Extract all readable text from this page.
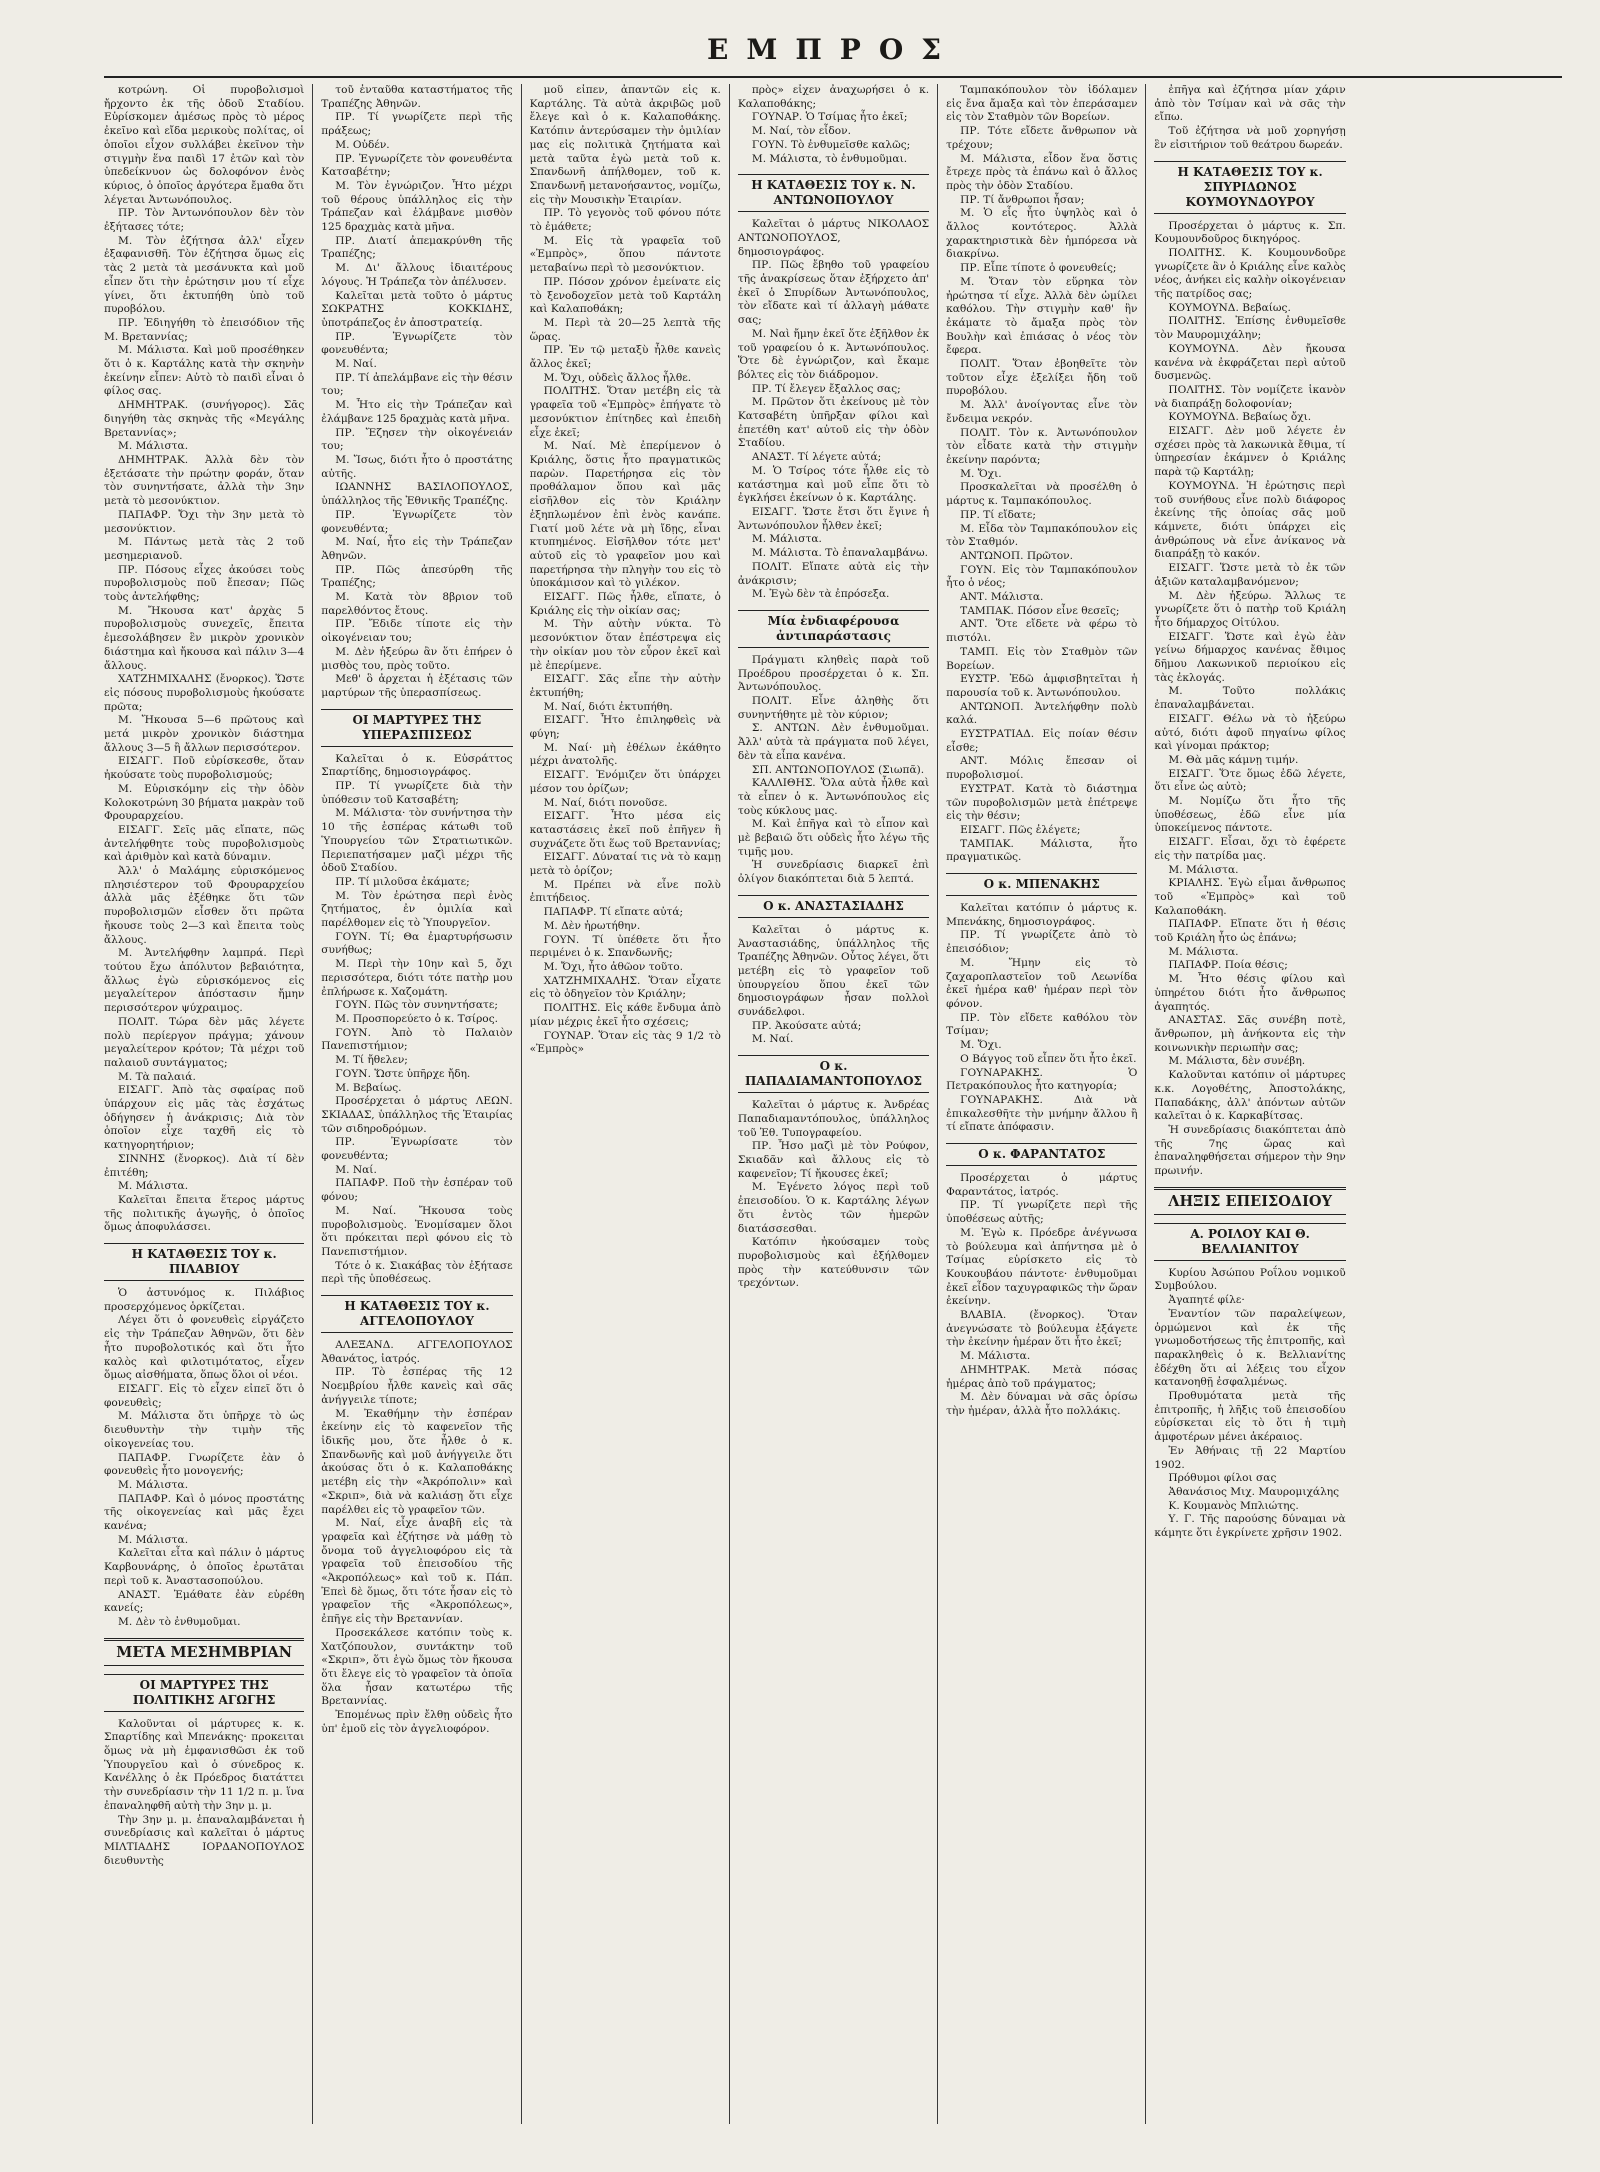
ΕΜΠΡΟΣ

κοτρώνη. Οἱ πυροβολισμοὶ ἤρχοντο ἐκ τῆς ὁδοῦ Σταδίου. Εὑρίσκομεν ἀμέσως πρὸς τὸ μέρος ἐκεῖνο καὶ εἴδα μερικοὺς πολίτας, οἱ ὁποῖοι εἶχον συλλάβει ἐκεῖνον τὴν στιγμὴν ἕνα παιδὶ 17 ἐτῶν καὶ τὸν ὑπεδείκνυον ὡς δολοφόνον ἐνὸς κύριος, ὁ ὁποῖος ἀργότερα ἔμαθα ὅτι λέγεται Ἀντωνόπουλος.

ΠΡ. Τὸν Ἀντωνόπουλον δὲν τὸν ἐξήτασες τότε;

Μ. Τὸν ἐζήτησα ἀλλ' εἶχεν ἐξαφανισθῆ. Τὸν ἐζήτησα ὅμως εἰς τὰς 2 μετὰ τὰ μεσάνυκτα καὶ μοῦ εἶπεν ὅτι τὴν ἐρώτησιν μου τί εἶχε γίνει, ὅτι ἐκτυπήθη ὑπὸ τοῦ πυροβόλου.

ΠΡ. Ἐδιηγήθη τὸ ἐπεισόδιον τῆς Μ. Βρεταννίας;

Μ. Μάλιστα. Καὶ μοῦ προσέθηκεν ὅτι ὁ κ. Καρτάλης κατὰ τὴν σκηνὴν ἐκείνην εἶπεν: Αὐτὸ τὸ παιδὶ εἶναι ὀ φίλος σας.

ΔΗΜΗΤΡΑΚ. (συνήγορος). Σᾶς διηγήθη τὰς σκηνὰς τῆς «Μεγάλης Βρεταννίας»;

Μ. Μάλιστα.

ΔΗΜΗΤΡΑΚ. Ἀλλὰ δὲν τὸν ἐξετάσατε τὴν πρώτην φοράν, ὅταν τὸν συνηντήσατε, ἀλλὰ τὴν 3ην μετὰ τὸ μεσονύκτιον.

ΠΑΠΑΦΡ. Ὄχι τὴν 3ην μετὰ τὸ μεσονύκτιον.

Μ. Πάντως μετὰ τὰς 2 τοῦ μεσημεριανοῦ.

ΠΡ. Πόσους εἶχες ἀκούσει τοὺς πυροβολισμοὺς ποῦ ἔπεσαν; Πῶς τοὺς ἀντελήφθης;

Μ. Ἤκουσα κατ' ἀρχὰς 5 πυροβολισμοὺς συνεχεῖς, ἔπειτα ἐμεσολάβησεν ἓν μικρὸν χρονικὸν διάστημα καὶ ἤκουσα καὶ πάλιν 3—4 ἄλλους.

ΧΑΤΖΗΜΙΧΑΛΗΣ (ἔνορκος). Ὥστε εἰς πόσους πυροβολισμοὺς ἠκούσατε πρῶτα;

Μ. Ἤκουσα 5—6 πρῶτους καὶ μετά μικρὸν χρονικὸν διάστημα ἄλλους 3—5 ἢ ἄλλων περισσότερον.

ΕΙΣΑΓΓ. Ποῦ εὑρίσκεσθε, ὅταν ἠκούσατε τοὺς πυροβολισμούς;

Μ. Εὑρισκόμην εἰς τὴν ὁδὸν Κολοκοτρώνη 30 βήματα μακρὰν τοῦ Φρουραρχείου.

ΕΙΣΑΓΓ. Σεῖς μᾶς εἴπατε, πῶς ἀντελήφθητε τοὺς πυροβολισμοὺς καὶ ἀριθμὸν καὶ κατὰ δύναμιν.

Ἀλλ' ὁ Μαλάμης εὑρισκόμενος πλησιέστερον τοῦ Φρουραρχείου ἀλλὰ μᾶς ἐξέθηκε ὅτι τῶν πυροβολισμῶν εἶσθεν ὅτι πρῶτα ἤκουσε τοὺς 2—3 καὶ ἔπειτα τοὺς ἄλλους.

Μ. Ἀντελήφθην λαμπρά. Περὶ τούτου ἔχω ἀπόλυτον βεβαιότητα, ἄλλως ἐγὼ εὑρισκόμενος εἰς μεγαλείτερον ἀπόστασιν ἤμην περισσότερον ψύχραιμος.

ΠΟΛΙΤ. Τώρα δὲν μᾶς λέγετε πολὺ περίεργον πράγμα; χάνουν μεγαλείτερον κρότον; Τὰ μέχρι τοῦ παλαιοῦ συντάγματος;

Μ. Τὰ παλαιά.

ΕΙΣΑΓΓ. Ἀπὸ τὰς σφαίρας ποῦ ὑπάρχουν εἰς μᾶς τὰς ἐσχάτως ὁδήγησεν ἡ ἀνάκρισις; Διὰ τὸν ὁποῖον εἶχε ταχθῆ εἰς τὸ κατηγορητήριον;

ΣΙΝΝΗΣ (ἔνορκος). Διὰ τί δὲν ἐπιτέθη;

Μ. Μάλιστα.

Καλεῖται ἔπειτα ἕτερος μάρτυς τῆς πολιτικῆς ἀγωγῆς, ὁ ὁποῖος ὅμως ἀποφυλάσσει.

Η ΚΑΤΑΘΕΣΙΣ ΤΟΥ κ. ΠΙΛΑΒΙΟΥ

Ὁ ἀστυνόμος κ. Πιλάβιος προσερχόμενος ὁρκίζεται.

Λέγει ὅτι ὁ φονευθεὶς εἰργάζετο εἰς τὴν Τράπεζαν Ἀθηνῶν, ὅτι δὲν ἦτο πυροβολοτικός καὶ ὅτι ἦτο καλὸς καὶ φιλοτιμότατος, εἶχεν ὅμως αἰσθήματα, ὅπως ὅλοι οἱ νέοι.

ΕΙΣΑΓΓ. Εἰς τὸ εἶχεν εἰπεῖ ὅτι ὁ φονευθεὶς;

Μ. Μάλιστα ὅτι ὑπῆρχε τὸ ὡς διευθυντὴν τὴν τιμὴν τῆς οἰκογενείας του.

ΠΑΠΑΦΡ. Γνωρίζετε ἐὰν ὁ φονευθεὶς ἦτο μονογενής;

Μ. Μάλιστα.

ΠΑΠΑΦΡ. Καὶ ὁ μόνος προστάτης τῆς οἰκογενείας καὶ μᾶς ἔχει κανένα;

Μ. Μάλιστα.

Καλεῖται εἶτα καὶ πάλιν ὁ μάρτυς Καρβουνάρης, ὁ ὁποῖος ἐρωτᾶται περὶ τοῦ κ. Ἀναστασοπούλου.

ΑΝΑΣΤ. Ἐμάθατε ἐὰν εὑρέθη κανείς;

Μ. Δὲν τὸ ἐνθυμοῦμαι.

ΜΕΤΑ ΜΕΣΗΜΒΡΙΑΝ
ΟΙ ΜΑΡΤΥΡΕΣ ΤΗΣ ΠΟΛΙΤΙΚΗΣ ΑΓΩΓΗΣ

Καλοῦνται οἱ μάρτυρες κ. κ. Σπαρτίδης καὶ Μπενάκης· προκειται ὅμως νὰ μὴ ἐμφανισθῶσι ἐκ τοῦ Ὑπουργεῖου καὶ ὁ σύνεδρος κ. Κανέλλης ὁ ἐκ Πρόεδρος διατάττει τὴν συνεδρίασιν τὴν 11 1/2 π. μ. ἵνα ἐπαναληφθῆ αὐτὴ τὴν 3ην μ. μ.

Τὴν 3ην μ. μ. ἐπαναλαμβάνεται ἡ συνεδρίασις καὶ καλεῖται ὁ μάρτυς ΜΙΛΤΙΑΔΗΣ ΙΟΡΔΑΝΟΠΟΥΛΟΣ διευθυντὴς

τοῦ ἐνταῦθα καταστήματος τῆς Τραπέζης Ἀθηνῶν.

ΠΡ. Τί γνωρίζετε περὶ τῆς πράξεως;

Μ. Οὐδέν.

ΠΡ. Ἐγνωρίζετε τὸν φονευθέντα Κατσαβέτην;

Μ. Τὸν ἐγνώριζον. Ἦτο μέχρι τοῦ θέρους ὑπάλληλος εἰς τὴν Τράπεζαν καὶ ἐλάμβανε μισθὸν 125 δραχμὰς κατὰ μῆνα.

ΠΡ. Διατί ἀπεμακρύνθη τῆς Τραπέζης;

Μ. Δι' ἄλλους ἰδιαιτέρους λόγους. Ἡ Τράπεζα τὸν ἀπέλυσεν.

Καλεῖται μετὰ τοῦτο ὁ μάρτυς ΣΩΚΡΑΤΗΣ ΚΟΚΚΙΔΗΣ, ὑποτράπεζος ἐν ἀποστρατείᾳ.

ΠΡ. Ἐγνωρίζετε τὸν φονευθέντα;

Μ. Ναί.

ΠΡ. Τί ἀπελάμβανε εἰς τὴν θέσιν του;

Μ. Ἦτο εἰς τὴν Τράπεζαν καὶ ἐλάμβανε 125 δραχμὰς κατὰ μῆνα.

ΠΡ. Ἔζησεν τὴν οἰκογένειάν του;

Μ. Ἴσως, διότι ἦτο ὁ προστάτης αὐτῆς.

ΙΩΑΝΝΗΣ ΒΑΣΙΛΟΠΟΥΛΟΣ, ὑπάλληλος τῆς Ἐθνικῆς Τραπέζης.

ΠΡ. Ἐγνωρίζετε τὸν φονευθέντα;

Μ. Ναί, ἦτο εἰς τὴν Τράπεζαν Ἀθηνῶν.

ΠΡ. Πῶς ἀπεσύρθη τῆς Τραπέζης;

Μ. Κατὰ τὸν 8βριον τοῦ παρελθόντος ἔτους.

ΠΡ. Ἔδιδε τίποτε εἰς τὴν οἰκογένειαν του;

Μ. Δὲν ἠξεύρω ἂν ὅτι ἐπήρεν ὁ μισθὸς του, πρὸς τοῦτο.

Μεθ' ὃ ἀρχεται ἡ ἐξέτασις τῶν μαρτύρων τῆς ὑπερασπίσεως.

ΟΙ ΜΑΡΤΥΡΕΣ ΤΗΣ ΥΠΕΡΑΣΠΙΣΕΩΣ

Καλεῖται ὁ κ. Εὐσράττος Σπαρτίδης, δημοσιογράφος.

ΠΡ. Τί γνωρίζετε διὰ τὴν ὑπόθεσιν τοῦ Κατσαβέτη;

Μ. Μάλιστα· τὸν συνήντησα τὴν 10 τῆς ἑσπέρας κάτωθι τοῦ Ὑπουργείου τῶν Στρατιωτικῶν. Περιεπατήσαμεν μαζὶ μέχρι τῆς ὁδοῦ Σταδίου.

ΠΡ. Τί μιλοῦσα ἐκάματε;

Μ. Τὸν ἐρώτησα περὶ ἐνὸς ζητήματος, ἐν ὁμιλία καὶ παρέλθομεν εἰς τὸ Ὑπουργεῖον.

ΓΟΥΝ. Τί; Θα ἐμαρτυρήσωσιν συνήθως;

Μ. Περὶ τὴν 10ην καὶ 5, ὄχι περισσότερα, διότι τότε πατὴρ μου ἐπλήρωσε κ. Χαζομάτη.

ΓΟΥΝ. Πῶς τὸν συνηντήσατε;

Μ. Προσπορεύετο ὁ κ. Τσίρος.

ΓΟΥΝ. Ἀπὸ τὸ Παλαιὸν Πανεπιστήμιον;

Μ. Τί ἤθελεν;

ΓΟΥΝ. Ὥστε ὑπῆρχε ἤδη.

Μ. Βεβαίως.

Προσέρχεται ὁ μάρτυς ΛΕΩΝ. ΣΚΙΑΔΑΣ, ὑπάλληλος τῆς Ἑταιρίας τῶν σιδηροδρόμων.

ΠΡ. Ἐγνωρίσατε τὸν φονευθέντα;

Μ. Ναί.

ΠΑΠΑΦΡ. Ποῦ τὴν ἑσπέραν τοῦ φόνου;

Μ. Ναί. Ἤκουσα τοὺς πυροβολισμοὺς. Ἐνομίσαμεν ὅλοι ὅτι πρόκειται περὶ φόνου εἰς τὸ Πανεπιστήμιον.

Τότε ὁ κ. Σιακάβας τὸν ἐξήτασε περὶ τῆς ὑποθέσεως.

Η ΚΑΤΑΘΕΣΙΣ ΤΟΥ κ. ΑΓΓΕΛΟΠΟΥΛΟΥ

ΑΛΕΞΑΝΔ. ΑΓΓΕΛΟΠΟΥΛΟΣ Ἀθανάτος, ἰατρός.

ΠΡ. Τὸ ἑσπέρας τῆς 12 Νοεμβρίου ἦλθε κανεὶς καὶ σᾶς ἀνήγγειλε τίποτε;

Μ. Ἐκαθήμην τὴν ἑσπέραν ἐκείνην εἰς τὸ καφενεῖον τῆς ἰδικῆς μου, ὅτε ἦλθε ὁ κ. Σπανδωνῆς καὶ μοῦ ἀνήγγειλε ὅτι ἀκούσας ὅτι ὁ κ. Καλαποθάκης μετέβη εἰς τὴν «Ἀκρόπολιν» καὶ «Σκριπ», διὰ νὰ καλιάσῃ ὅτι εἶχε παρέλθει εἰς τὸ γραφεῖον τῶν.

Μ. Ναί, εἶχε ἀναβῆ εἰς τὰ γραφεῖα καὶ ἐζήτησε νὰ μάθῃ τὸ ὄνομα τοῦ ἀγγελιοφόρου εἰς τὰ γραφεῖα τοῦ ἐπεισοδίου τῆς «Ἀκροπόλεως» καὶ τοῦ κ. Πάπ. Ἐπεὶ δὲ ὅμως, ὅτι τότε ἦσαν εἰς τὸ γραφεῖον τῆς «Ἀκροπόλεως», ἐπῆγε εἰς τὴν Βρεταννίαν.

Προσεκάλεσε κατόπιν τοὺς κ. Χατζόπουλον, συντάκτην τοῦ «Σκριπ», ὅτι ἐγὼ ὅμως τὸν ἤκουσα ὅτι ἔλεγε εἰς τὸ γραφεῖον τὰ ὁποῖα ὅλα ἦσαν κατωτέρω τῆς Βρεταννίας.

Ἐπομένως πρὶν ἔλθῃ οὐδεὶς ἦτο ὑπ' ἐμοῦ εἰς τὸν ἀγγελιοφόρον.

μοῦ εἶπεν, ἀπαντῶν εἰς κ. Καρτάλης. Τὰ αὐτὰ ἀκριβῶς μοῦ ἔλεγε καὶ ὁ κ. Καλαποθάκης. Κατόπιν ἀντερύσαμεν τὴν ὁμιλίαν μας εἰς πολιτικὰ ζητήματα καὶ μετὰ ταῦτα ἐγὼ μετὰ τοῦ κ. Σπανδωνῆ ἀπήλθομεν, τοῦ κ. Σπανδωνῆ μετανοήσαντος, νομίζω, εἰς τὴν Μουσικὴν Ἑταιρίαν.

ΠΡ. Τὸ γεγονὸς τοῦ φόνου πότε τὸ ἐμάθετε;

Μ. Εἰς τὰ γραφεῖα τοῦ «Ἐμπρὸς», ὅπου πάντοτε μεταβαίνω περὶ τὸ μεσονύκτιον.

ΠΡ. Πόσον χρόνον ἐμείνατε εἰς τὸ ξενοδοχεῖον μετὰ τοῦ Καρτάλη καὶ Καλαποθάκη;

Μ. Περὶ τὰ 20—25 λεπτὰ τῆς ὥρας.

ΠΡ. Ἐν τῷ μεταξὺ ἦλθε κανεὶς ἄλλος ἐκεῖ;

Μ. Ὄχι, οὐδεὶς ἄλλος ἦλθε.

ΠΟΛΙΤΗΣ. Ὅταν μετέβη εἰς τὰ γραφεῖα τοῦ «Ἐμπρὸς» ἐπήγατε τὸ μεσονύκτιον ἐπίτηδες καὶ ἐπειδὴ εἶχε ἐκεῖ;

Μ. Ναί. Μὲ ἐπερίμενον ὁ Κριάλης, ὅστις ἦτο πραγματικῶς παρὼν. Παρετήρησα εἰς τὸν προθάλαμον ὅπου καὶ μᾶς εἰσῆλθον εἰς τὸν Κριάλην ἐξηπλωμένον ἐπὶ ἐνὸς κανάπε. Γιατί μοῦ λέτε νὰ μὴ ἴδῃς, εἶναι κτυπημένος. Εἰσῆλθον τότε μετ' αὐτοῦ εἰς τὸ γραφεῖον μου καὶ παρετήρησα τὴν πληγὴν του εἰς τὸ ὑποκάμισον καὶ τὸ γιλέκον.

ΕΙΣΑΓΓ. Πῶς ἦλθε, εἴπατε, ὁ Κριάλης εἰς τὴν οἰκίαν σας;

Μ. Τὴν αὐτὴν νύκτα. Τὸ μεσονύκτιον ὅταν ἐπέστρεψα εἰς τὴν οἰκίαν μου τὸν εὗρον ἐκεῖ καὶ μὲ ἐπερίμενε.

ΕΙΣΑΓΓ. Σᾶς εἶπε τὴν αὐτὴν ἐκτυπήθη;

Μ. Ναί, διότι ἐκτυπήθη.

ΕΙΣΑΓΓ. Ἦτο ἐπιληφθεὶς νὰ φύγη;

Μ. Ναί· μὴ ἐθέλων ἐκάθητο μέχρι ἀνατολῆς.

ΕΙΣΑΓΓ. Ἐνόμιζεν ὅτι ὑπάρχει μέσον του ὁρίζων;

Μ. Ναί, διότι πονοῦσε.

ΕΙΣΑΓΓ. Ἦτο μέσα εἰς καταστάσεις ἐκεῖ ποῦ ἐπῆγεν ἢ συχνάζετε ὅτι ἕως τοῦ Βρεταννίας;

ΕΙΣΑΓΓ. Δύναταί τις νὰ τὸ καμῃ μετὰ τὸ ὁρίζον;

Μ. Πρέπει νὰ εἶνε πολὺ ἐπιτήδειος.

ΠΑΠΑΦΡ. Τί εἴπατε αὐτά;

Μ. Δὲν ἠρωτήθην.

ΓΟΥΝ. Τί ὑπέθετε ὅτι ἦτο περιμένει ὁ κ. Σπανδωνῆς;

Μ. Ὄχι, ἦτο ἀθῶον τοῦτο.

ΧΑΤΖΗΜΙΧΑΛΗΣ. Ὅταν εἶχατε εἰς τὸ ὁδηγεῖον τὸν Κριάλην;

ΠΟΛΙΤΗΣ. Εἰς κάθε ἔνδυμα ἀπὸ μίαν μέχρις ἐκεῖ ἦτο σχέσεις;

ΓΟΥΝΑΡ. Ὅταν εἰς τὰς 9 1/2 τὸ «Ἐμπρὸς»

πρὸς» εἶχεν ἀναχωρήσει ὁ κ. Καλαποθάκης;

ΓΟΥΝΑΡ. Ὁ Τσίμας ἦτο ἐκεῖ;

Μ. Ναί, τὸν εἶδον.

ΓΟΥΝ. Τὸ ἐνθυμεῖσθε καλῶς;

Μ. Μάλιστα, τὸ ἐνθυμοῦμαι.

Η ΚΑΤΑΘΕΣΙΣ ΤΟΥ κ. Ν. ΑΝΤΩΝΟΠΟΥΛΟΥ

Καλεῖται ὁ μάρτυς ΝΙΚΟΛΑΟΣ ΑΝΤΩΝΟΠΟΥΛΟΣ, δημοσιογράφος.

ΠΡ. Πῶς ἔβηθο τοῦ γραφείου τῆς ἀνακρίσεως ὅταν ἐξήρχετο ἀπ' ἐκεῖ ὁ Σπυρίδων Ἀντωνόπουλος, τὸν εἴδατε καὶ τί ἀλλαγὴ μάθατε σας;

Μ. Ναὶ ἤμην ἐκεῖ ὅτε ἐξῆλθον ἐκ τοῦ γραφείου ὁ κ. Ἀντωνόπουλος. Ὅτε δὲ ἐγνώριζον, καὶ ἔκαμε βόλτες εἰς τὸν διάδρομον.

ΠΡ. Τί ἔλεγεν ἔξαλλος σας;

Μ. Πρῶτον ὅτι ἐκείνους μὲ τὸν Κατσαβέτη ὑπῆρξαν φίλοι καὶ ἐπετέθη κατ' αὐτοῦ εἰς τὴν ὁδὸν Σταδίου.

ΑΝΑΣΤ. Τί λέγετε αὐτά;

Μ. Ὁ Τσίρος τότε ἦλθε εἰς τὸ κατάστημα καὶ μοῦ εἶπε ὅτι τὸ ἐγκλήσει ἐκείνων ὁ κ. Καρτάλης.

ΕΙΣΑΓΓ. Ὥστε ἔτσι ὅτι ἔγινε ἡ Ἀντωνόπουλον ἦλθεν ἐκεῖ;

Μ. Μάλιστα.

Μ. Μάλιστα. Τὸ ἐπαναλαμβάνω.

ΠΟΛΙΤ. Εἴπατε αὐτὰ εἰς τὴν ἀνάκρισιν;

Μ. Ἐγὼ δὲν τὰ ἐπρόσεξα.

Μία ἐνδιαφέρουσα ἀντιπαράστασις

Πράγματι κληθεὶς παρὰ τοῦ Προέδρου προσέρχεται ὁ κ. Σπ. Ἀντωνόπουλος.

ΠΟΛΙΤ. Εἶνε ἀληθὴς ὅτι συνηντήθητε μὲ τὸν κύριον;

Σ. ΑΝΤΩΝ. Δὲν ἐνθυμοῦμαι. Ἀλλ' αὐτὰ τὰ πράγματα ποῦ λέγει, δὲν τὰ εἶπα κανένα.

ΣΠ. ΑΝΤΩΝΟΠΟΥΛΟΣ (Σιωπᾶ).

ΚΑΛΛΙΘΗΣ. Ὅλα αὐτὰ ἦλθε καὶ τὰ εἶπεν ὁ κ. Ἀντωνόπουλος εἰς τοὺς κύκλους μας.

Μ. Καὶ ἐπῆγα καὶ τὸ εἶπον καὶ μὲ βεβαιῶ ὅτι οὐδεὶς ἦτο λέγω τῆς τιμῆς μου.

Ἡ συνεδρίασις διαρκεῖ ἐπὶ ὀλίγον διακόπτεται διὰ 5 λεπτά.

Ο κ. ΑΝΑΣΤΑΣΙΑΔΗΣ

Καλεῖται ὁ μάρτυς κ. Ἀναστασιάδης, ὑπάλληλος τῆς Τραπέζης Ἀθηνῶν. Οὗτος λέγει, ὅτι μετέβη εἰς τὸ γραφεῖον τοῦ ὑπουργείου ὅπου ἐκεῖ τῶν δημοσιογράφων ἦσαν πολλοὶ συνάδελφοι.

ΠΡ. Ἀκούσατε αὐτά;

Μ. Ναί.

Ο κ. ΠΑΠΑΔΙΑΜΑΝΤΟΠΟΥΛΟΣ

Καλεῖται ὁ μάρτυς κ. Ἀνδρέας Παπαδιαμαντόπουλος, ὑπάλληλος τοῦ Ἐθ. Τυπογραφείου.

ΠΡ. Ἦσο μαζὶ μὲ τὸν Ρούφον, Σκιαδᾶν καὶ ἄλλους εἰς τὸ καφενεῖον; Τί ἤκουσες ἐκεῖ;

Μ. Ἐγένετο λόγος περὶ τοῦ ἐπεισοδίου. Ὁ κ. Καρτάλης λέγων ὅτι ἐντὸς τῶν ἡμερῶν διατάσσεσθαι.

Κατόπιν ἠκούσαμεν τοὺς πυροβολισμοὺς καὶ ἐξήλθομεν πρὸς τὴν κατεύθυνσιν τῶν τρεχόντων.

Ταμπακόπουλον τὸν ἰδόλαμεν εἰς ἔνα ἄμαξα καὶ τὸν ἐπεράσαμεν εἰς τὸν Σταθμὸν τῶν Βορείων.

ΠΡ. Τότε εἴδετε ἄνθρωπον νὰ τρέχουν;

Μ. Μάλιστα, εἶδον ἕνα ὅστις ἔτρεχε πρὸς τὰ ἐπάνω καὶ ὁ ἄλλος πρὸς τὴν ὁδὸν Σταδίου.

ΠΡ. Τί ἄνθρωποι ἦσαν;

Μ. Ὁ εἷς ἦτο ὑψηλὸς καὶ ὁ ἄλλος κοντότερος. Ἀλλὰ χαρακτηριστικὰ δὲν ἠμπόρεσα νὰ διακρίνω.

ΠΡ. Εἶπε τίποτε ὁ φονευθείς;

Μ. Ὄταν τὸν εὕρηκα τὸν ἠρώτησα τί εἶχε. Ἀλλὰ δὲν ὡμίλει καθόλου. Τὴν στιγμὴν καθ' ἣν ἐκάματε τὸ ἄμαξα πρὸς τὸν Βουλὴν καὶ ἐπιάσας ὁ νέος τὸν ἔφερα.

ΠΟΛΙΤ. Ὅταν ἐβοηθεῖτε τὸν τοῦτον εἶχε ἐξελίξει ἤδη τοῦ πυροβόλου.

Μ. Ἀλλ' ἀνοίγοντας εἶνε τὸν ἔνδειμα νεκρόν.

ΠΟΛΙΤ. Τὸν κ. Ἀντωνόπουλον τὸν εἶδατε κατὰ τὴν στιγμὴν ἐκείνην παρόντα;

Μ. Ὄχι.

Προσκαλεῖται νὰ προσέλθη ὁ μάρτυς κ. Ταμπακόπουλος.

ΠΡ. Τί εἴδατε;

Μ. Εἶδα τὸν Ταμπακόπουλον εἰς τὸν Σταθμόν.

ΑΝΤΩΝΟΠ. Πρῶτον.

ΓΟΥΝ. Εἰς τὸν Ταμπακόπουλον ἦτο ὁ νέος;

ΑΝΤ. Μάλιστα.

ΤΑΜΠΑΚ. Πόσον εἶνε θεσεῖς;

ΑΝΤ. Ὅτε εἴδετε νὰ φέρω τὸ πιστόλι.

ΤΑΜΠ. Εἰς τὸν Σταθμὸν τῶν Βορείων.

ΕΥΣΤΡ. Ἐδῶ ἀμφισβητεῖται ἡ παρουσία τοῦ κ. Ἀντωνόπουλου.

ΑΝΤΩΝΟΠ. Ἀντελήφθην πολὺ καλά.

ΕΥΣΤΡΑΤΙΑΔ. Εἰς ποίαν θέσιν εἶσθε;

ΑΝΤ. Μόλις ἔπεσαν οἱ πυροβολισμοί.

ΕΥΣΤΡΑΤ. Κατὰ τὸ διάστημα τῶν πυροβολισμῶν μετὰ ἐπέτρεψε εἰς τὴν θέσιν;

ΕΙΣΑΓΓ. Πῶς ἐλέγετε;

ΤΑΜΠΑΚ. Μάλιστα, ἦτο πραγματικῶς.

Ο κ. ΜΠΕΝΑΚΗΣ

Καλεῖται κατόπιν ὁ μάρτυς κ. Μπενάκης, δημοσιογράφος.

ΠΡ. Τί γνωρίζετε ἀπὸ τὸ ἐπεισόδιον;

Μ. Ἤμην εἰς τὸ ζαχαροπλαστεῖον τοῦ Λεωνίδα ἐκεῖ ἠμέρα καθ' ἡμέραν περὶ τὸν φόνον.

ΠΡ. Τὸν εἴδετε καθόλου τὸν Τσίμαν;

Μ. Ὄχι.

Ο Βάγγος τοῦ εἶπεν ὅτι ἦτο ἐκεῖ.

ΓΟΥΝΑΡΑΚΗΣ. Ὁ Πετρακόπουλος ἦτο κατηγορία;

ΓΟΥΝΑΡΑΚΗΣ. Διὰ νὰ ἐπικαλεσθῆτε τὴν μνήμην ἄλλου ἢ τί εἴπατε ἀπόφασιν.

Ο κ. ΦΑΡΑΝΤΑΤΟΣ

Προσέρχεται ὁ μάρτυς Φαραντάτος, ἰατρός.

ΠΡ. Τί γνωρίζετε περὶ τῆς ὑποθέσεως αὐτῆς;

Μ. Ἐγὼ κ. Πρόεδρε ἀνέγνωσα τὸ βούλευμα καὶ ἀπήντησα μὲ ὁ Τσίμας εὑρίσκετο εἰς τὸ Κουκουβάου πάντοτε· ἐνθυμοῦμαι ἐκεῖ εἶδον ταχυγραφικῶς τὴν ὥραν ἐκείνην.

ΒΛΑΒΙΑ. (ἔνορκος). Ὅταν ἀνεγνώσατε τὸ βούλευμα ἐξάγετε τὴν ἐκείνην ἡμέραν ὅτι ἦτο ἐκεῖ;

Μ. Μάλιστα.

ΔΗΜΗΤΡΑΚ. Μετὰ πόσας ἡμέρας ἀπὸ τοῦ πράγματος;

Μ. Δὲν δύναμαι νὰ σᾶς ὁρίσω τὴν ἡμέραν, ἀλλὰ ἦτο πολλάκις.

ἐπῆγα καὶ ἐζήτησα μίαν χάριν ἀπὸ τὸν Τσίμαν καὶ νὰ σᾶς τὴν εἴπω.

Τοῦ ἐζήτησα νὰ μοῦ χορηγήσῃ ἓν εἰσιτήριον τοῦ θεάτρου δωρεάν.

Η ΚΑΤΑΘΕΣΙΣ ΤΟΥ κ. ΣΠΥΡΙΔΩΝΟΣ ΚΟΥΜΟΥΝΔΟΥΡΟΥ

Προσέρχεται ὁ μάρτυς κ. Σπ. Κουμουνδοῦρος δικηγόρος.

ΠΟΛΙΤΗΣ. Κ. Κουμουνδοῦρε γνωρίζετε ἂν ὁ Κριάλης εἶνε καλὸς νέος, ἀνήκει εἰς καλὴν οἰκογένειαν τῆς πατρίδος σας;

ΚΟΥΜΟΥΝΔ. Βεβαίως.

ΠΟΛΙΤΗΣ. Ἐπίσης ἐνθυμεῖσθε τὸν Μαυρομιχάλην;

ΚΟΥΜΟΥΝΔ. Δὲν ἤκουσα κανένα νὰ ἐκφράζεται περὶ αὐτοῦ δυσμενῶς.

ΠΟΛΙΤΗΣ. Τὸν νομίζετε ἱκανὸν νὰ διαπράξῃ δολοφονίαν;

ΚΟΥΜΟΥΝΔ. Βεβαίως ὄχι.

ΕΙΣΑΓΓ. Δὲν μοῦ λέγετε ἐν σχέσει πρὸς τὰ λακωνικὰ ἔθιμα, τί ὑπηρεσίαν ἐκάμνεν ὁ Κριάλης παρὰ τῷ Καρτάλῃ;

ΚΟΥΜΟΥΝΔ. Ἡ ἐρώτησις περὶ τοῦ συνήθους εἶνε πολὺ διάφορος ἐκείνης τῆς ὁποίας σᾶς μοῦ κάμνετε, διότι ὑπάρχει εἰς ἀνθρώπους νὰ εἶνε ἀνίκανος νὰ διαπράξῃ τὸ κακόν.

ΕΙΣΑΓΓ. Ὥστε μετὰ τὸ ἐκ τῶν ἀξιῶν καταλαμβανόμενον;

Μ. Δὲν ἠξεύρω. Ἄλλως τε γνωρίζετε ὅτι ὁ πατὴρ τοῦ Κριάλη ἦτο δήμαρχος Οἰτύλου.

ΕΙΣΑΓΓ. Ὥστε καὶ ἐγὼ ἐὰν γείνω δήμαρχος κανένας ἔθιμος δῆμου Λακωνικοῦ περιοίκου εἰς τὰς ἐκλογάς.

Μ. Τοῦτο πολλάκις ἐπαναλαμβάνεται.

ΕΙΣΑΓΓ. Θέλω νὰ τὸ ἠξεύρω αὐτό, διότι ἀφοῦ πηγαίνω φίλος καὶ γίνομαι πράκτορ;

Μ. Θὰ μᾶς κάμνῃ τιμήν.

ΕΙΣΑΓΓ. Ὅτε ὅμως ἐδῶ λέγετε, ὅτι εἶνε ὡς αὐτὸ;

Μ. Νομίζω ὅτι ἦτο τῆς ὑποθέσεως, ἐδῶ εἶνε μία ὑποκείμενος πάντοτε.

ΕΙΣΑΓΓ. Εἶσαι, ὄχι τὸ ἐφέρετε εἰς τὴν πατρίδα μας.

Μ. Μάλιστα.

ΚΡΙΑΛΗΣ. Ἐγὼ εἶμαι ἄνθρωπος τοῦ «Ἐμπρὸς» καὶ τοῦ Καλαποθάκη.

ΠΑΠΑΦΡ. Εἴπατε ὅτι ἡ θέσις τοῦ Κριάλη ἦτο ὡς ἐπάνω;

Μ. Μάλιστα.

ΠΑΠΑΦΡ. Ποία θέσις;

Μ. Ἦτο θέσις φίλου καὶ ὑπηρέτου διότι ἦτο ἄνθρωπος ἀγαπητός.

ΑΝΑΣΤΑΣ. Σᾶς συνέβη ποτὲ, ἄνθρωπον, μὴ ἀνήκοντα εἰς τὴν κοινωνικὴν περιωπὴν σας;

Μ. Μάλιστα, δὲν συνέβη.

Καλοῦνται κατόπιν οἱ μάρτυρες κ.κ. Λογοθέτης, Ἀποστολάκης, Παπαδάκης, ἀλλ' ἀπόντων αὐτῶν καλεῖται ὁ κ. Καρκαβίτσας.

Ἡ συνεδρίασις διακόπτεται ἀπὸ τῆς 7ης ὥρας καὶ ἐπαναληφθήσεται σήμερον τὴν 9ην πρωινήν.

ΛΗΞΙΣ ΕΠΕΙΣΟΔΙΟΥ
Α. ΡΟΙΛΟΥ ΚΑΙ Θ. ΒΕΛΛΙΑΝΙΤΟΥ

Κυρίου Ἀσώπου Ροΐλου νομικοῦ Συμβούλου.

Ἀγαπητέ φίλε·

Ἐναντίον τῶν παραλείψεων, ὁρμώμενοι καὶ ἐκ τῆς γνωμοδοτήσεως τῆς ἐπιτροπῆς, καὶ παρακληθεὶς ὁ κ. Βελλιανίτης ἐδέχθη ὅτι αἱ λέξεις του εἶχον κατανοηθῇ ἐσφαλμένως.

Προθυμότατα μετὰ τῆς ἐπιτροπῆς, ἡ λῆξις τοῦ ἐπεισοδίου εὐρίσκεται εἰς τὸ ὅτι ἡ τιμὴ ἀμφοτέρων μένει ἀκέραιος.

Ἐν Ἀθήναις τῇ 22 Μαρτίου 1902.

Πρόθυμοι φίλοι σας

Ἀθανάσιος Μιχ. Μαυρομιχάλης

Κ. Κουμανὸς Μπλιώτης.

Υ. Γ. Τῆς παρούσης δύναμαι νὰ κάμητε ὅτι ἐγκρίνετε χρῆσιν 1902.
